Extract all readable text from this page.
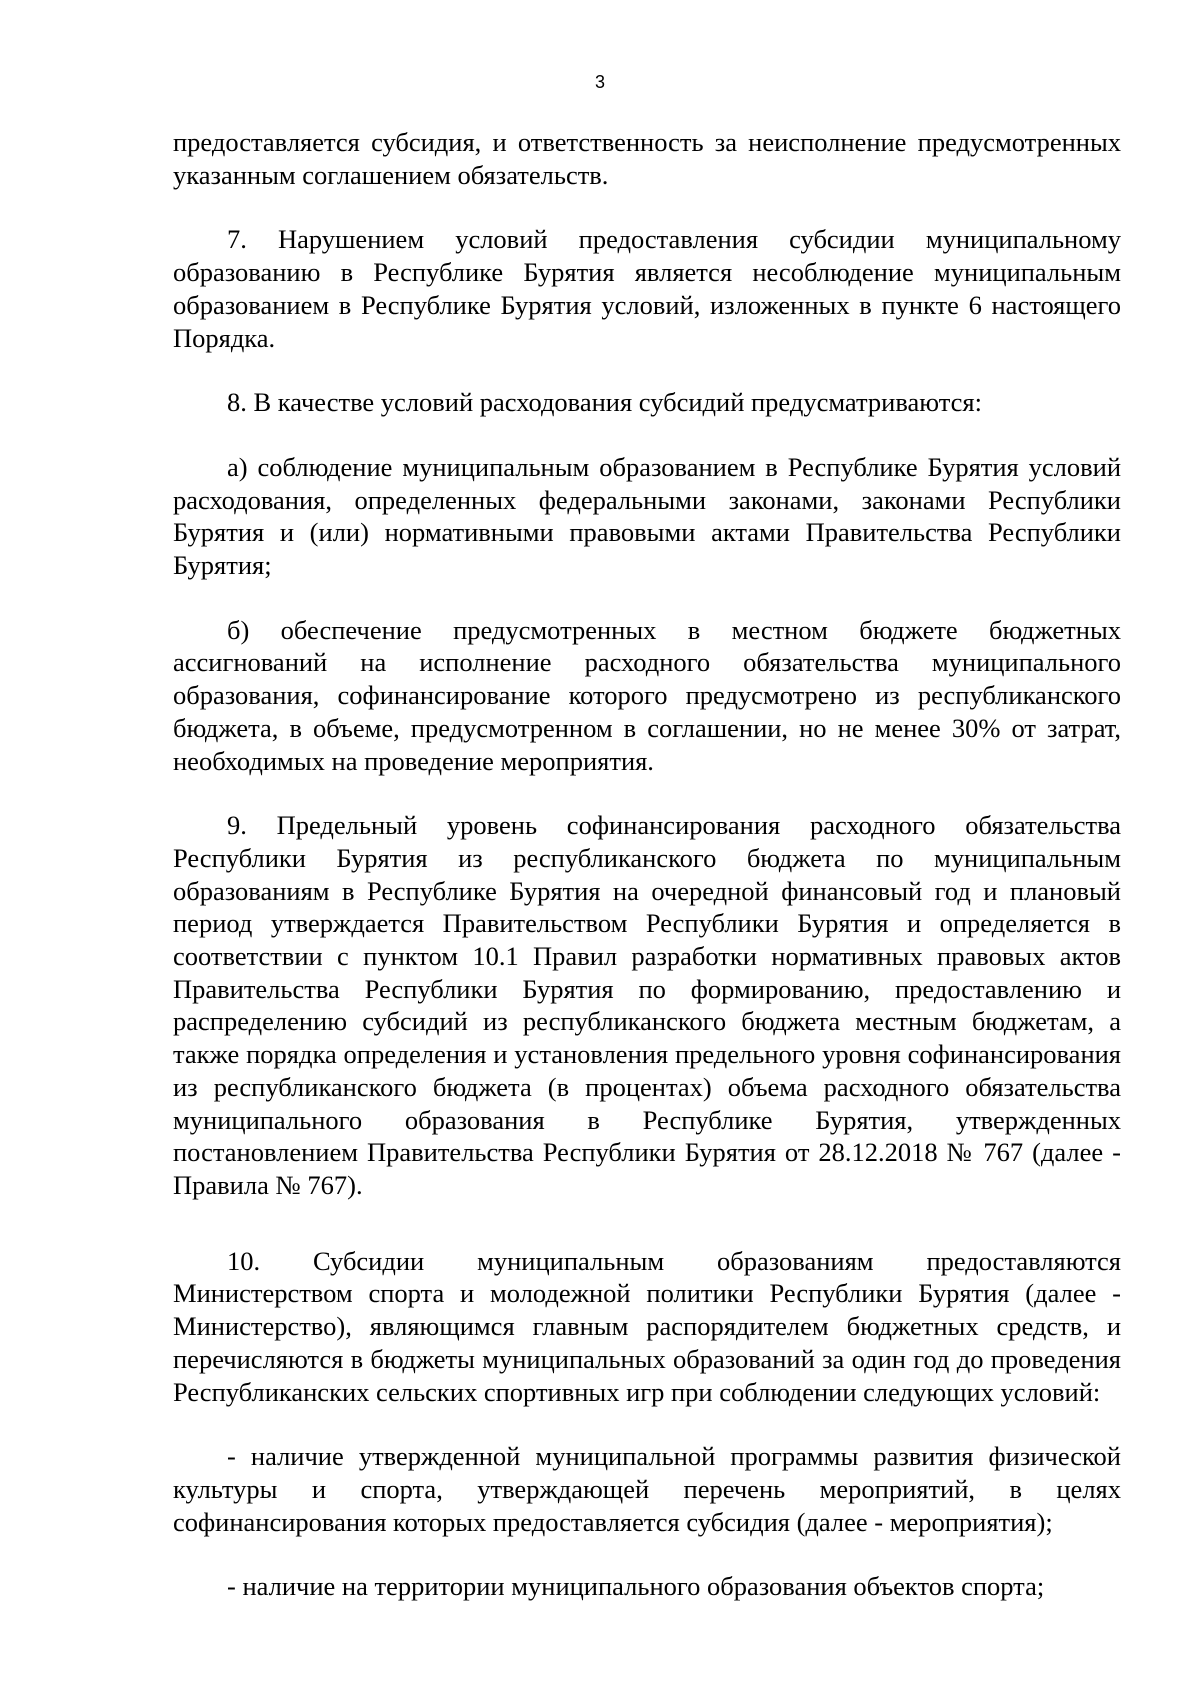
3

предоставляется субсидия, и ответственность за неисполнение предусмотренных указанным соглашением обязательств.

7. Нарушением условий предоставления субсидии муниципальному образованию в Республике Бурятия является несоблюдение муниципальным образованием в Республике Бурятия условий, изложенных в пункте 6 настоящего Порядка.

8. В качестве условий расходования субсидий предусматриваются:

а) соблюдение муниципальным образованием в Республике Бурятия условий расходования, определенных федеральными законами, законами Республики Бурятия и (или) нормативными правовыми актами Правительства Республики Бурятия;

б) обеспечение предусмотренных в местном бюджете бюджетных ассигнований на исполнение расходного обязательства муниципального образования, софинансирование которого предусмотрено из республиканского бюджета, в объеме, предусмотренном в соглашении, но не менее 30% от затрат, необходимых на проведение мероприятия.

9. Предельный уровень софинансирования расходного обязательства Республики Бурятия из республиканского бюджета по муниципальным образованиям в Республике Бурятия на очередной финансовый год и плановый период утверждается Правительством Республики Бурятия и определяется в соответствии с пунктом 10.1 Правил разработки нормативных правовых актов Правительства Республики Бурятия по формированию, предоставлению и распределению субсидий из республиканского бюджета местным бюджетам, а также порядка определения и установления предельного уровня софинансирования из республиканского бюджета (в процентах) объема расходного обязательства муниципального образования в Республике Бурятия, утвержденных постановлением Правительства Республики Бурятия от 28.12.2018 № 767 (далее - Правила № 767).

10. Субсидии муниципальным образованиям предоставляются Министерством спорта и молодежной политики Республики Бурятия (далее - Министерство), являющимся главным распорядителем бюджетных средств, и перечисляются в бюджеты муниципальных образований за один год до проведения Республиканских сельских спортивных игр при соблюдении следующих условий:

- наличие утвержденной муниципальной программы развития физической культуры и спорта, утверждающей перечень мероприятий, в целях софинансирования которых предоставляется субсидия (далее - мероприятия);

- наличие на территории муниципального образования объектов спорта;
